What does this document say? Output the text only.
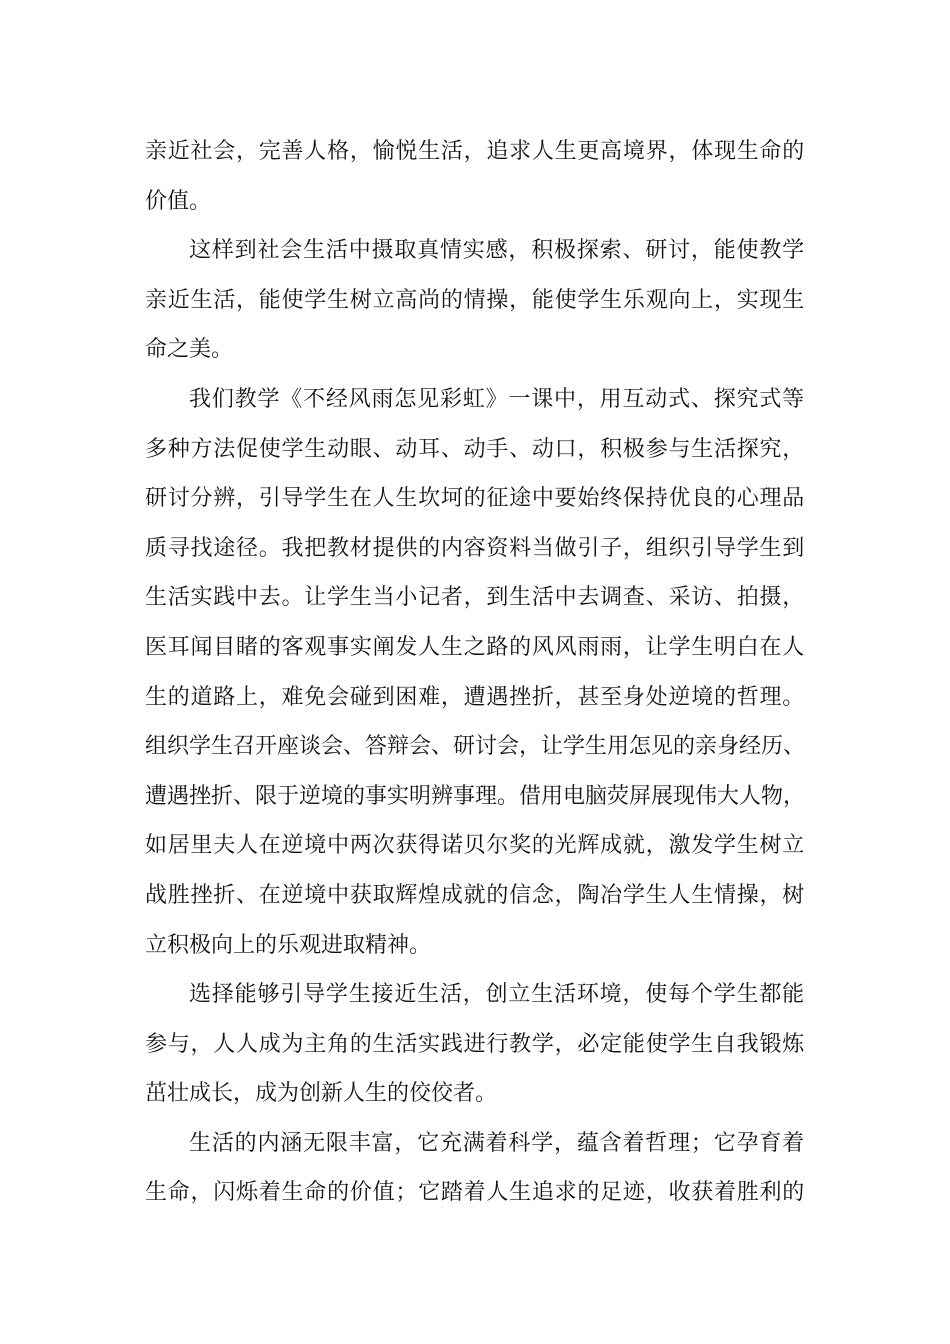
亲近社会，完善人格，愉悦生活，追求人生更高境界，体现生命的
价值。
这样到社会生活中摄取真情实感，积极探索、研讨，能使教学
亲近生活，能使学生树立高尚的情操，能使学生乐观向上，实现生
命之美。
我们教学《不经风雨怎见彩虹》一课中，用互动式、探究式等
多种方法促使学生动眼、动耳、动手、动口，积极参与生活探究，
研讨分辨，引导学生在人生坎坷的征途中要始终保持优良的心理品
质寻找途径。我把教材提供的内容资料当做引子，组织引导学生到
生活实践中去。让学生当小记者，到生活中去调查、采访、拍摄，
医耳闻目睹的客观事实阐发人生之路的风风雨雨，让学生明白在人
生的道路上，难免会碰到困难，遭遇挫折，甚至身处逆境的哲理。
组织学生召开座谈会、答辩会、研讨会，让学生用怎见的亲身经历、
遭遇挫折、限于逆境的事实明辨事理。借用电脑荧屏展现伟大人物，
如居里夫人在逆境中两次获得诺贝尔奖的光辉成就，激发学生树立
战胜挫折、在逆境中获取辉煌成就的信念，陶冶学生人生情操，树
立积极向上的乐观进取精神。
选择能够引导学生接近生活，创立生活环境，使每个学生都能
参与，人人成为主角的生活实践进行教学，必定能使学生自我锻炼
茁壮成长，成为创新人生的佼佼者。
生活的内涵无限丰富，它充满着科学，蕴含着哲理；它孕育着
生命，闪烁着生命的价值；它踏着人生追求的足迹，收获着胜利的
